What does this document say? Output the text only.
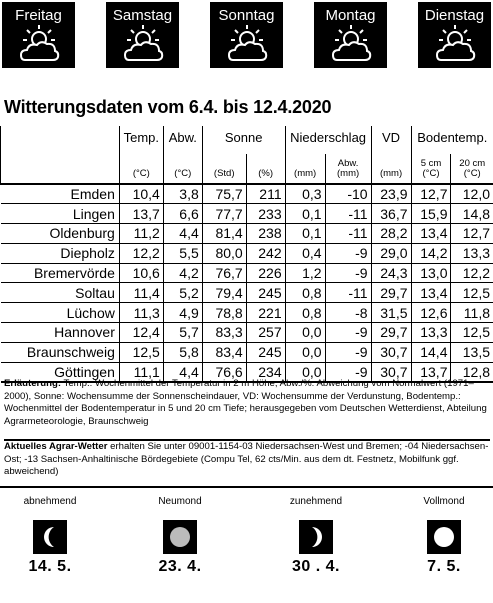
Freitag	Samstag	Sonntag	Montag	Dienstag
Witterungsdaten vom 6.4. bis 12.4.2020
	Temp.	Abw.	Sonne		Niederschlag		VD	Bodentemp.	
	(°C)	(°C)	(Std)	(%)	(mm)	Abw. (mm)	(mm)	5 cm (°C)	20 cm (°C)
Emden	10,4	3,8	75,7	211	0,3	-10	23,9	12,7	12,0
Lingen	13,7	6,6	77,7	233	0,1	-11	36,7	15,9	14,8
Oldenburg	11,2	4,4	81,4	238	0,1	-11	28,2	13,4	12,7
Diepholz	12,2	5,5	80,0	242	0,4	-9	29,0	14,2	13,3
Bremervörde	10,6	4,2	76,7	226	1,2	-9	24,3	13,0	12,2
Soltau	11,4	5,2	79,4	245	0,8	-11	29,7	13,4	12,5
Lüchow	11,3	4,9	78,8	221	0,8	-8	31,5	12,6	11,8
Hannover	12,4	5,7	83,3	257	0,0	-9	29,7	13,3	12,5
Braunschweig	12,5	5,8	83,4	245	0,0	-9	30,7	14,4	13,5
Göttingen	11,1	4,4	76,6	234	0,0	-9	30,7	13,7	12,8
Erläuterung: Temp.: Wochenmittel der Temperatur in 2 m Höhe, Abw./%: Abweichung vom Normalwert (1971–2000), Sonne: Wochensumme der Sonnenscheindauer, VD: Wochensumme der Verdunstung, Bodentemp.: Wochenmittel der Bodentemperatur in 5 und 20 cm Tiefe; herausgegeben vom Deutschen Wetterdienst, Abteilung Agrarmeteorologie, Braunschweig
Aktuelles Agrar-Wetter erhalten Sie unter 09001-1154-03 Niedersachsen-West und Bremen; -04 Niedersachsen-Ost; -13 Sachsen-Anhaltinische Bördegebiete (Compu Tel, 62 cts/Min. aus dem dt. Festnetz, Mobilfunk ggf. abweichend)
abnehmend
14. 5.
Neumond
23. 4.
zunehmend
30 . 4.
Vollmond
7. 5.
